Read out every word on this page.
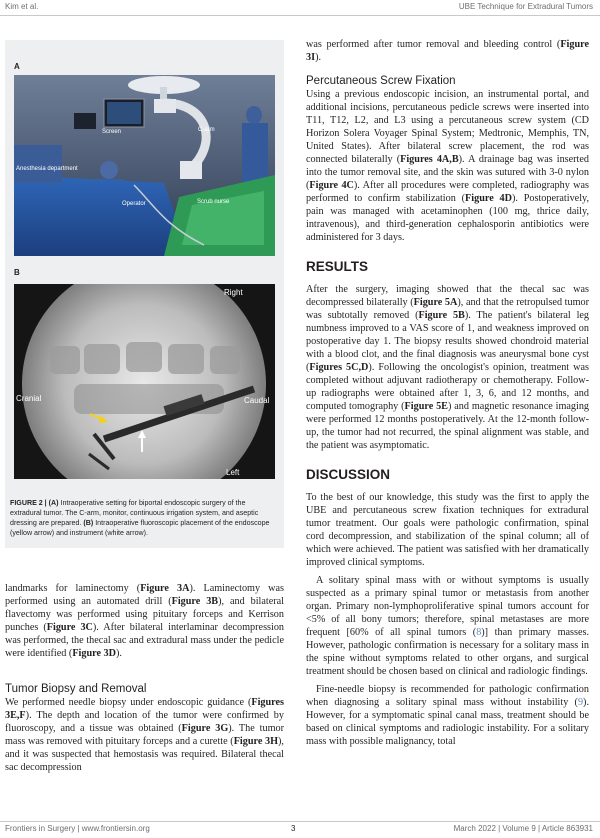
Kim et al.	UBE Technique for Extradural Tumors
A
Screen	C-arm
Anesthesia department
Operator	Scrub nurse
B
Right
Cranial	Caudal
Left
FIGURE 2 | (A) Intraoperative setting for biportal endoscopic surgery of the extradural tumor. The C-arm, monitor, continuous irrigation system, and aseptic dressing are prepared. (B) Intraoperative fluoroscopic placement of the endoscope (yellow arrow) and instrument (white arrow).

landmarks for laminectomy (Figure 3A). Laminectomy was performed using an automated drill (Figure 3B), and bilateral flavectomy was performed using pituitary forceps and Kerrison punches (Figure 3C). After bilateral interlaminar decompression was performed, the thecal sac and extradural mass under the pedicle were identified (Figure 3D).

Tumor Biopsy and Removal

We performed needle biopsy under endoscopic guidance (Figures 3E,F). The depth and location of the tumor were confirmed by fluoroscopy, and a tissue was obtained (Figure 3G). The tumor mass was removed with pituitary forceps and a curette (Figure 3H), and it was suspected that hemostasis was required. Bilateral thecal sac decompression

was performed after tumor removal and bleeding control (Figure 3I).

Percutaneous Screw Fixation

Using a previous endoscopic incision, an instrumental portal, and additional incisions, percutaneous pedicle screws were inserted into T11, T12, L2, and L3 using a percutaneous screw system (CD Horizon Solera Voyager Spinal System; Medtronic, Memphis, TN, United States). After bilateral screw placement, the rod was connected bilaterally (Figures 4A,B). A drainage bag was inserted into the tumor removal site, and the skin was sutured with 3-0 nylon (Figure 4C). After all procedures were completed, radiography was performed to confirm stabilization (Figure 4D). Postoperatively, pain was managed with acetaminophen (100 mg, thrice daily, intravenous), and third-generation cephalosporin antibiotics were administered for 3 days.

RESULTS

After the surgery, imaging showed that the thecal sac was decompressed bilaterally (Figure 5A), and that the retropulsed tumor was subtotally removed (Figure 5B). The patient's bilateral leg numbness improved to a VAS score of 1, and weakness improved on postoperative day 1. The biopsy results showed chondroid material with a blood clot, and the final diagnosis was aneurysmal bone cyst (Figures 5C,D). Following the oncologist's opinion, treatment was completed without adjuvant radiotherapy or chemotherapy. Follow-up radiographs were obtained after 1, 3, 6, and 12 months, and computed tomography (Figure 5E) and magnetic resonance imaging were performed 12 months postoperatively. At the 12-month follow-up, the tumor had not recurred, the spinal alignment was stable, and the patient was asymptomatic.

DISCUSSION

To the best of our knowledge, this study was the first to apply the UBE and percutaneous screw fixation techniques for extradural tumor treatment. Our goals were pathologic confirmation, spinal cord decompression, and stabilization of the spinal column; all of which were achieved. The patient was satisfied with her dramatically improved clinical symptoms.

A solitary spinal mass with or without symptoms is usually suspected as a primary spinal tumor or metastasis from another organ. Primary non-lymphoproliferative spinal tumors account for <5% of all bony tumors; therefore, spinal metastases are more frequent [60% of all spinal tumors (8)] than primary masses. However, pathologic confirmation is necessary for a solitary mass in the spine without symptoms related to other organs, and surgical treatment should be chosen based on clinical and radiologic findings.

Fine-needle biopsy is recommended for pathologic confirmation when diagnosing a solitary spinal mass without instability (9). However, for a symptomatic spinal canal mass, treatment should be based on clinical symptoms and radiologic instability. For a solitary mass with possible malignancy, total

Frontiers in Surgery | www.frontiersin.org	3	March 2022 | Volume 9 | Article 863931
